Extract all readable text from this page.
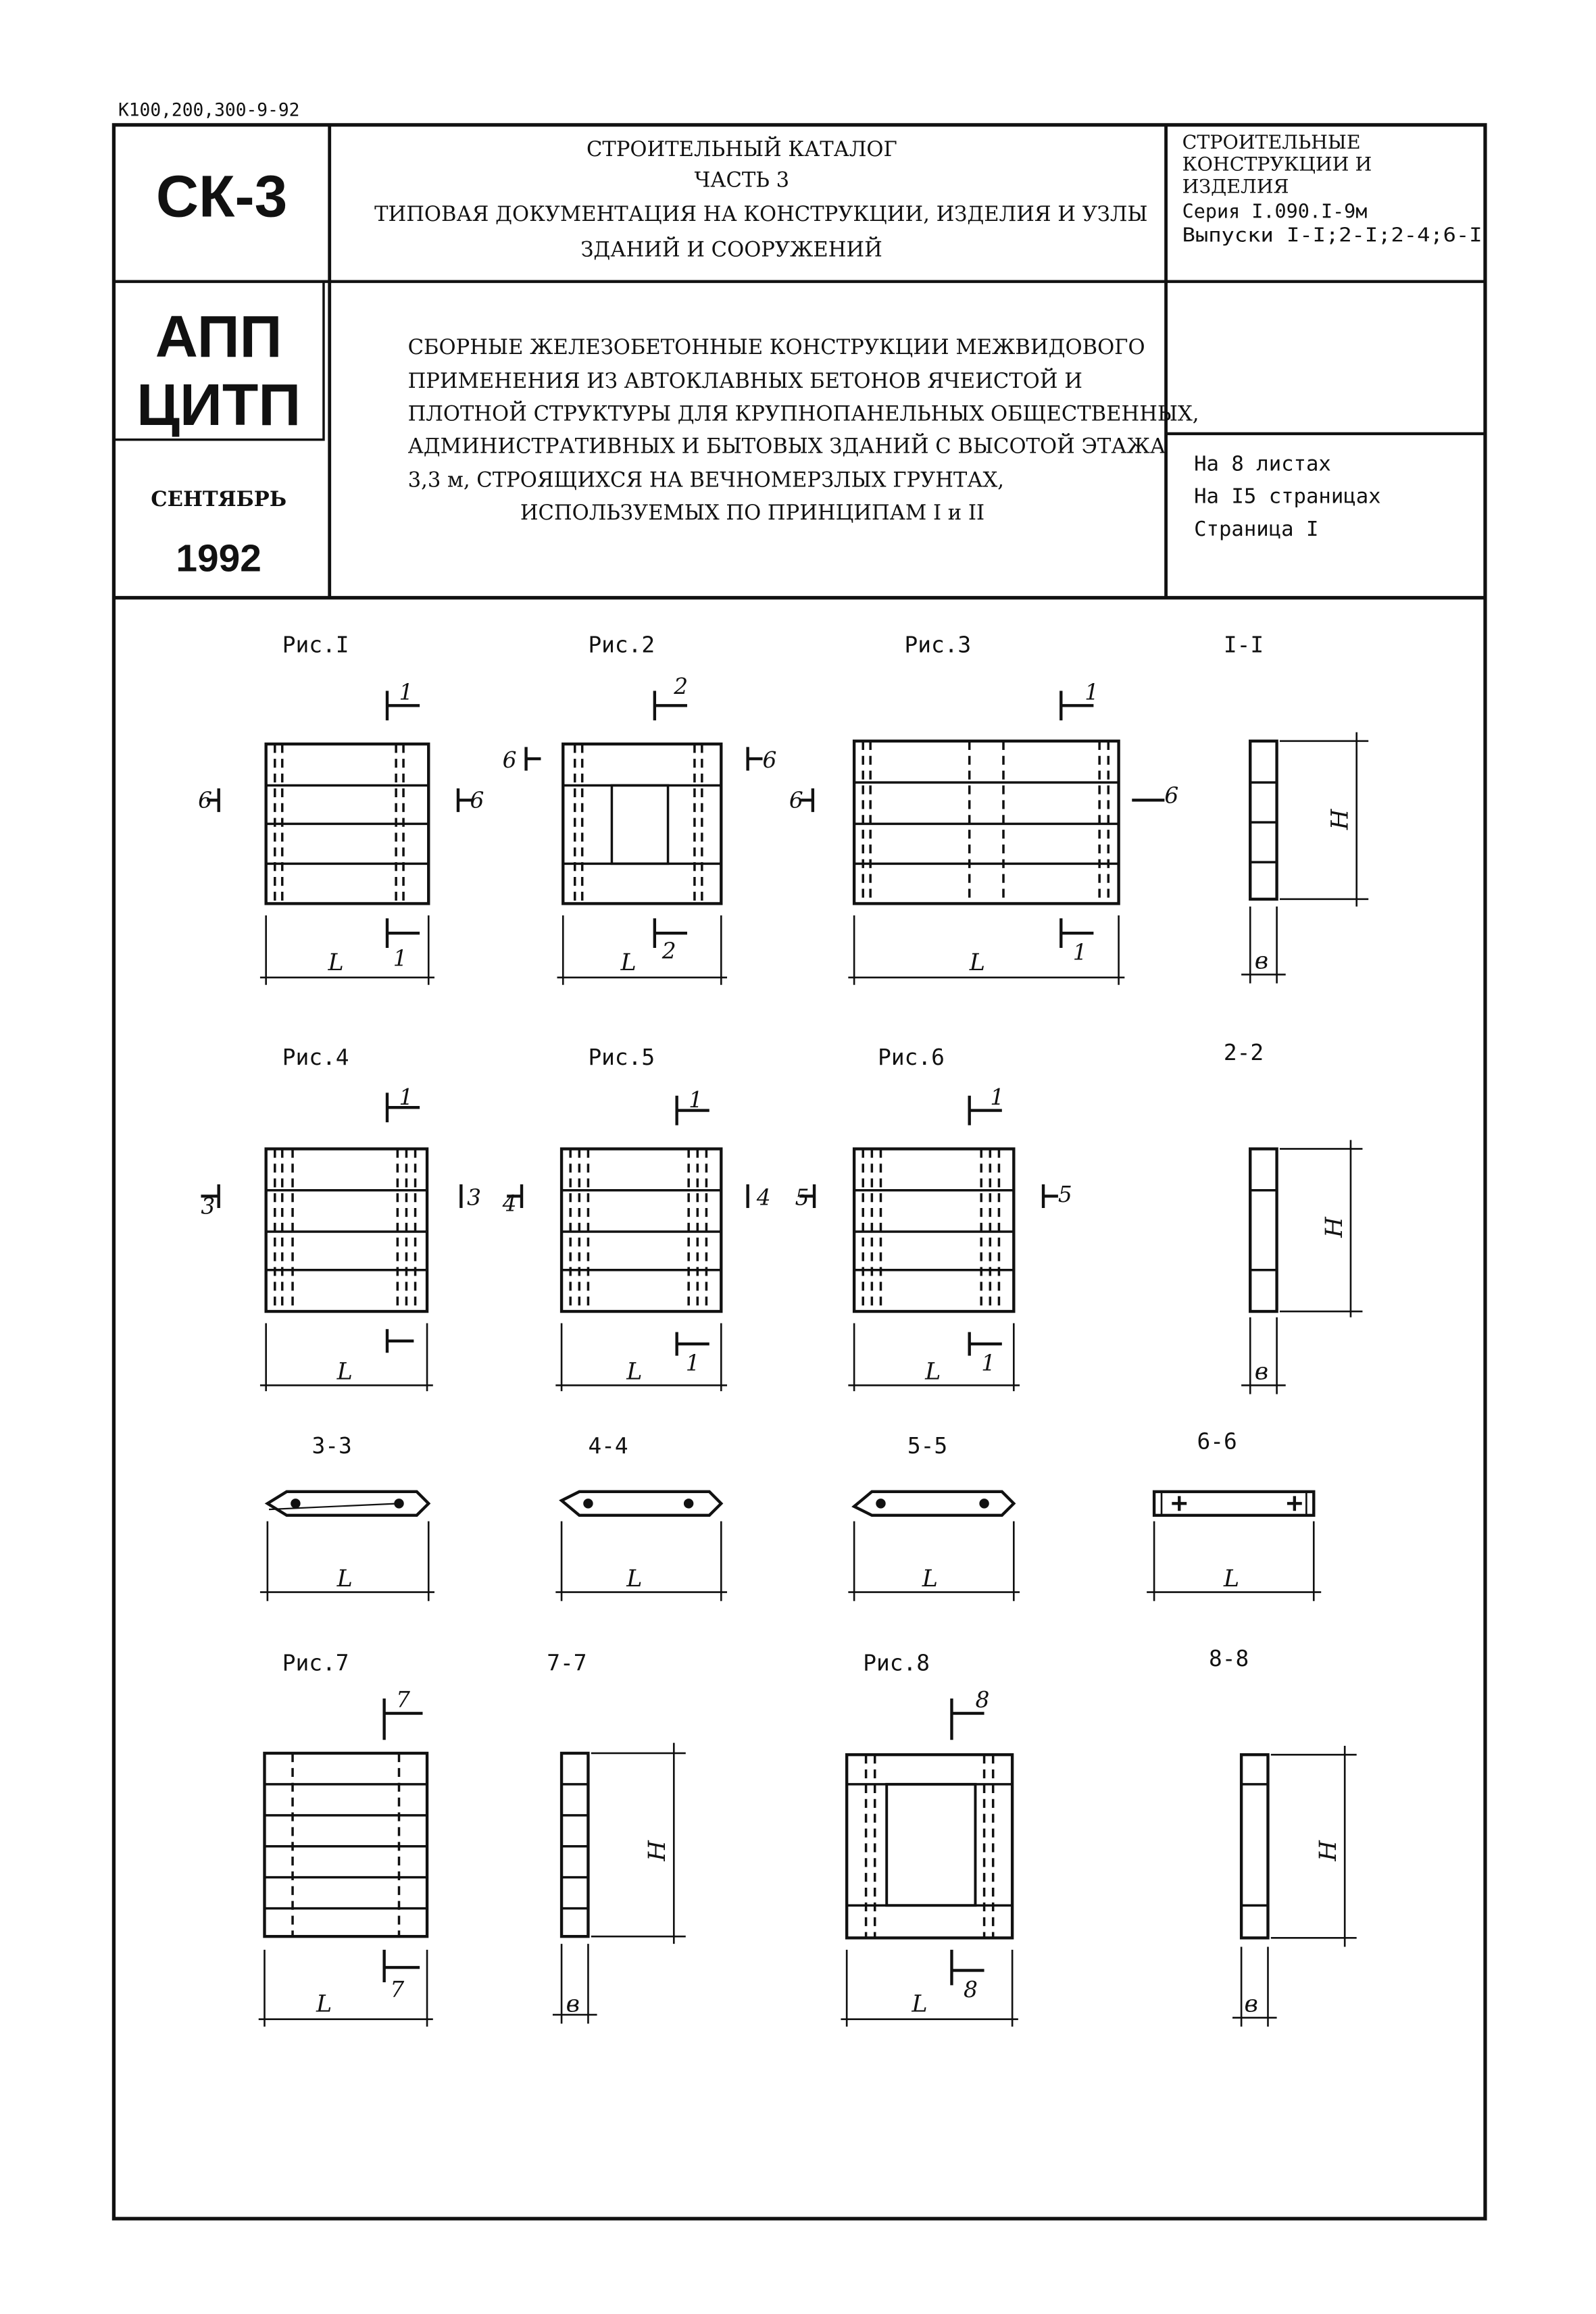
К100,200,300-9-92
СК-3
АПП
ЦИТП
СЕНТЯБРЬ
1992
СТРОИТЕЛЬНЫЙ КАТАЛОГ
ЧАСТЬ 3
ТИПОВАЯ ДОКУМЕНТАЦИЯ НА КОНСТРУКЦИИ, ИЗДЕЛИЯ И УЗЛЫ
ЗДАНИЙ И СООРУЖЕНИЙ
СТРОИТЕЛЬНЫЕ
КОНСТРУКЦИИ И
ИЗДЕЛИЯ
Серия I.090.I-9м
Выпуски I-I;2-I;2-4;6-I
СБОРНЫЕ ЖЕЛЕЗОБЕТОННЫЕ КОНСТРУКЦИИ МЕЖВИДОВОГО
ПРИМЕНЕНИЯ ИЗ АВТОКЛАВНЫХ БЕТОНОВ ЯЧЕИСТОЙ И
ПЛОТНОЙ СТРУКТУРЫ ДЛЯ КРУПНОПАНЕЛЬНЫХ ОБЩЕСТВЕННЫХ,
АДМИНИСТРАТИВНЫХ И БЫТОВЫХ ЗДАНИЙ С ВЫСОТОЙ ЭТАЖА
3,3 м, СТРОЯЩИХСЯ НА ВЕЧНОМЕРЗЛЫХ ГРУНТАХ,
ИСПОЛЬЗУЕМЫХ ПО ПРИНЦИПАМ I и II
На 8 листах
На I5 страницах
Страница I
Рис.I	Рис.2	Рис.3	I-I
Рис.4	Рис.5	Рис.6	2-2
3-3	4-4	5-5	6-6
Рис.7	7-7	Рис.8	8-8
L	L	L
H
в
L	L	L
H
в
L	L	L	L
L
H
в	L
H
в
1
1
6	6
2
2
6	6
1
1
6	6
1
3	3
1
1
4	4
1
1
5	5
7
7
8
8
